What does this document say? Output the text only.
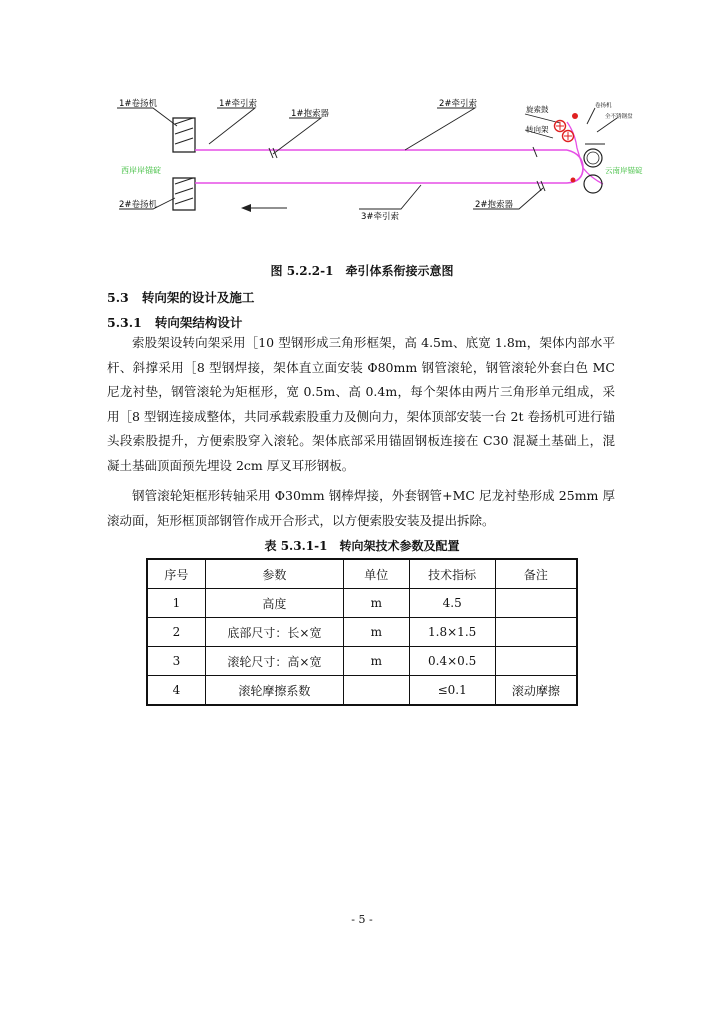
1#卷扬机	1#牵引索
1#抱索器
2#牵引索
旋索鼓
转向架
卷扬机
全不锈钢盘
西岸岸锚碇	云南岸锚碇
2#卷扬机
3#牵引索
2#抱索器
图 5.2.2-1　牵引体系衔接示意图
5.3 转向架的设计及施工
5.3.1 转向架结构设计

索股架设转向架采用［10 型钢形成三角形框架，高 4.5m、底宽 1.8m，架体内部水平杆、斜撑采用［8 型钢焊接，架体直立面安装 Φ80mm 钢管滚轮，钢管滚轮外套白色 MC 尼龙衬垫，钢管滚轮为矩框形，宽 0.5m、高 0.4m，每个架体由两片三角形单元组成，采用［8 型钢连接成整体，共同承载索股重力及侧向力，架体顶部安装一台 2t 卷扬机可进行锚头段索股提升，方便索股穿入滚轮。架体底部采用锚固钢板连接在 C30 混凝土基础上，混凝土基础顶面预先埋设 2cm 厚叉耳形钢板。

钢管滚轮矩框形转轴采用 Φ30mm 钢棒焊接，外套钢管+MC 尼龙衬垫形成 25mm 厚滚动面，矩形框顶部钢管作成开合形式，以方便索股安装及提出拆除。

表 5.3.1-1　转向架技术参数及配置
序号	参数	单位	技术指标	备注
1	高度	m	4.5	
2	底部尺寸：长×宽	m	1.8×1.5	
3	滚轮尺寸：高×宽	m	0.4×0.5	
4	滚轮摩擦系数		≤0.1	滚动摩擦
- 5 -
